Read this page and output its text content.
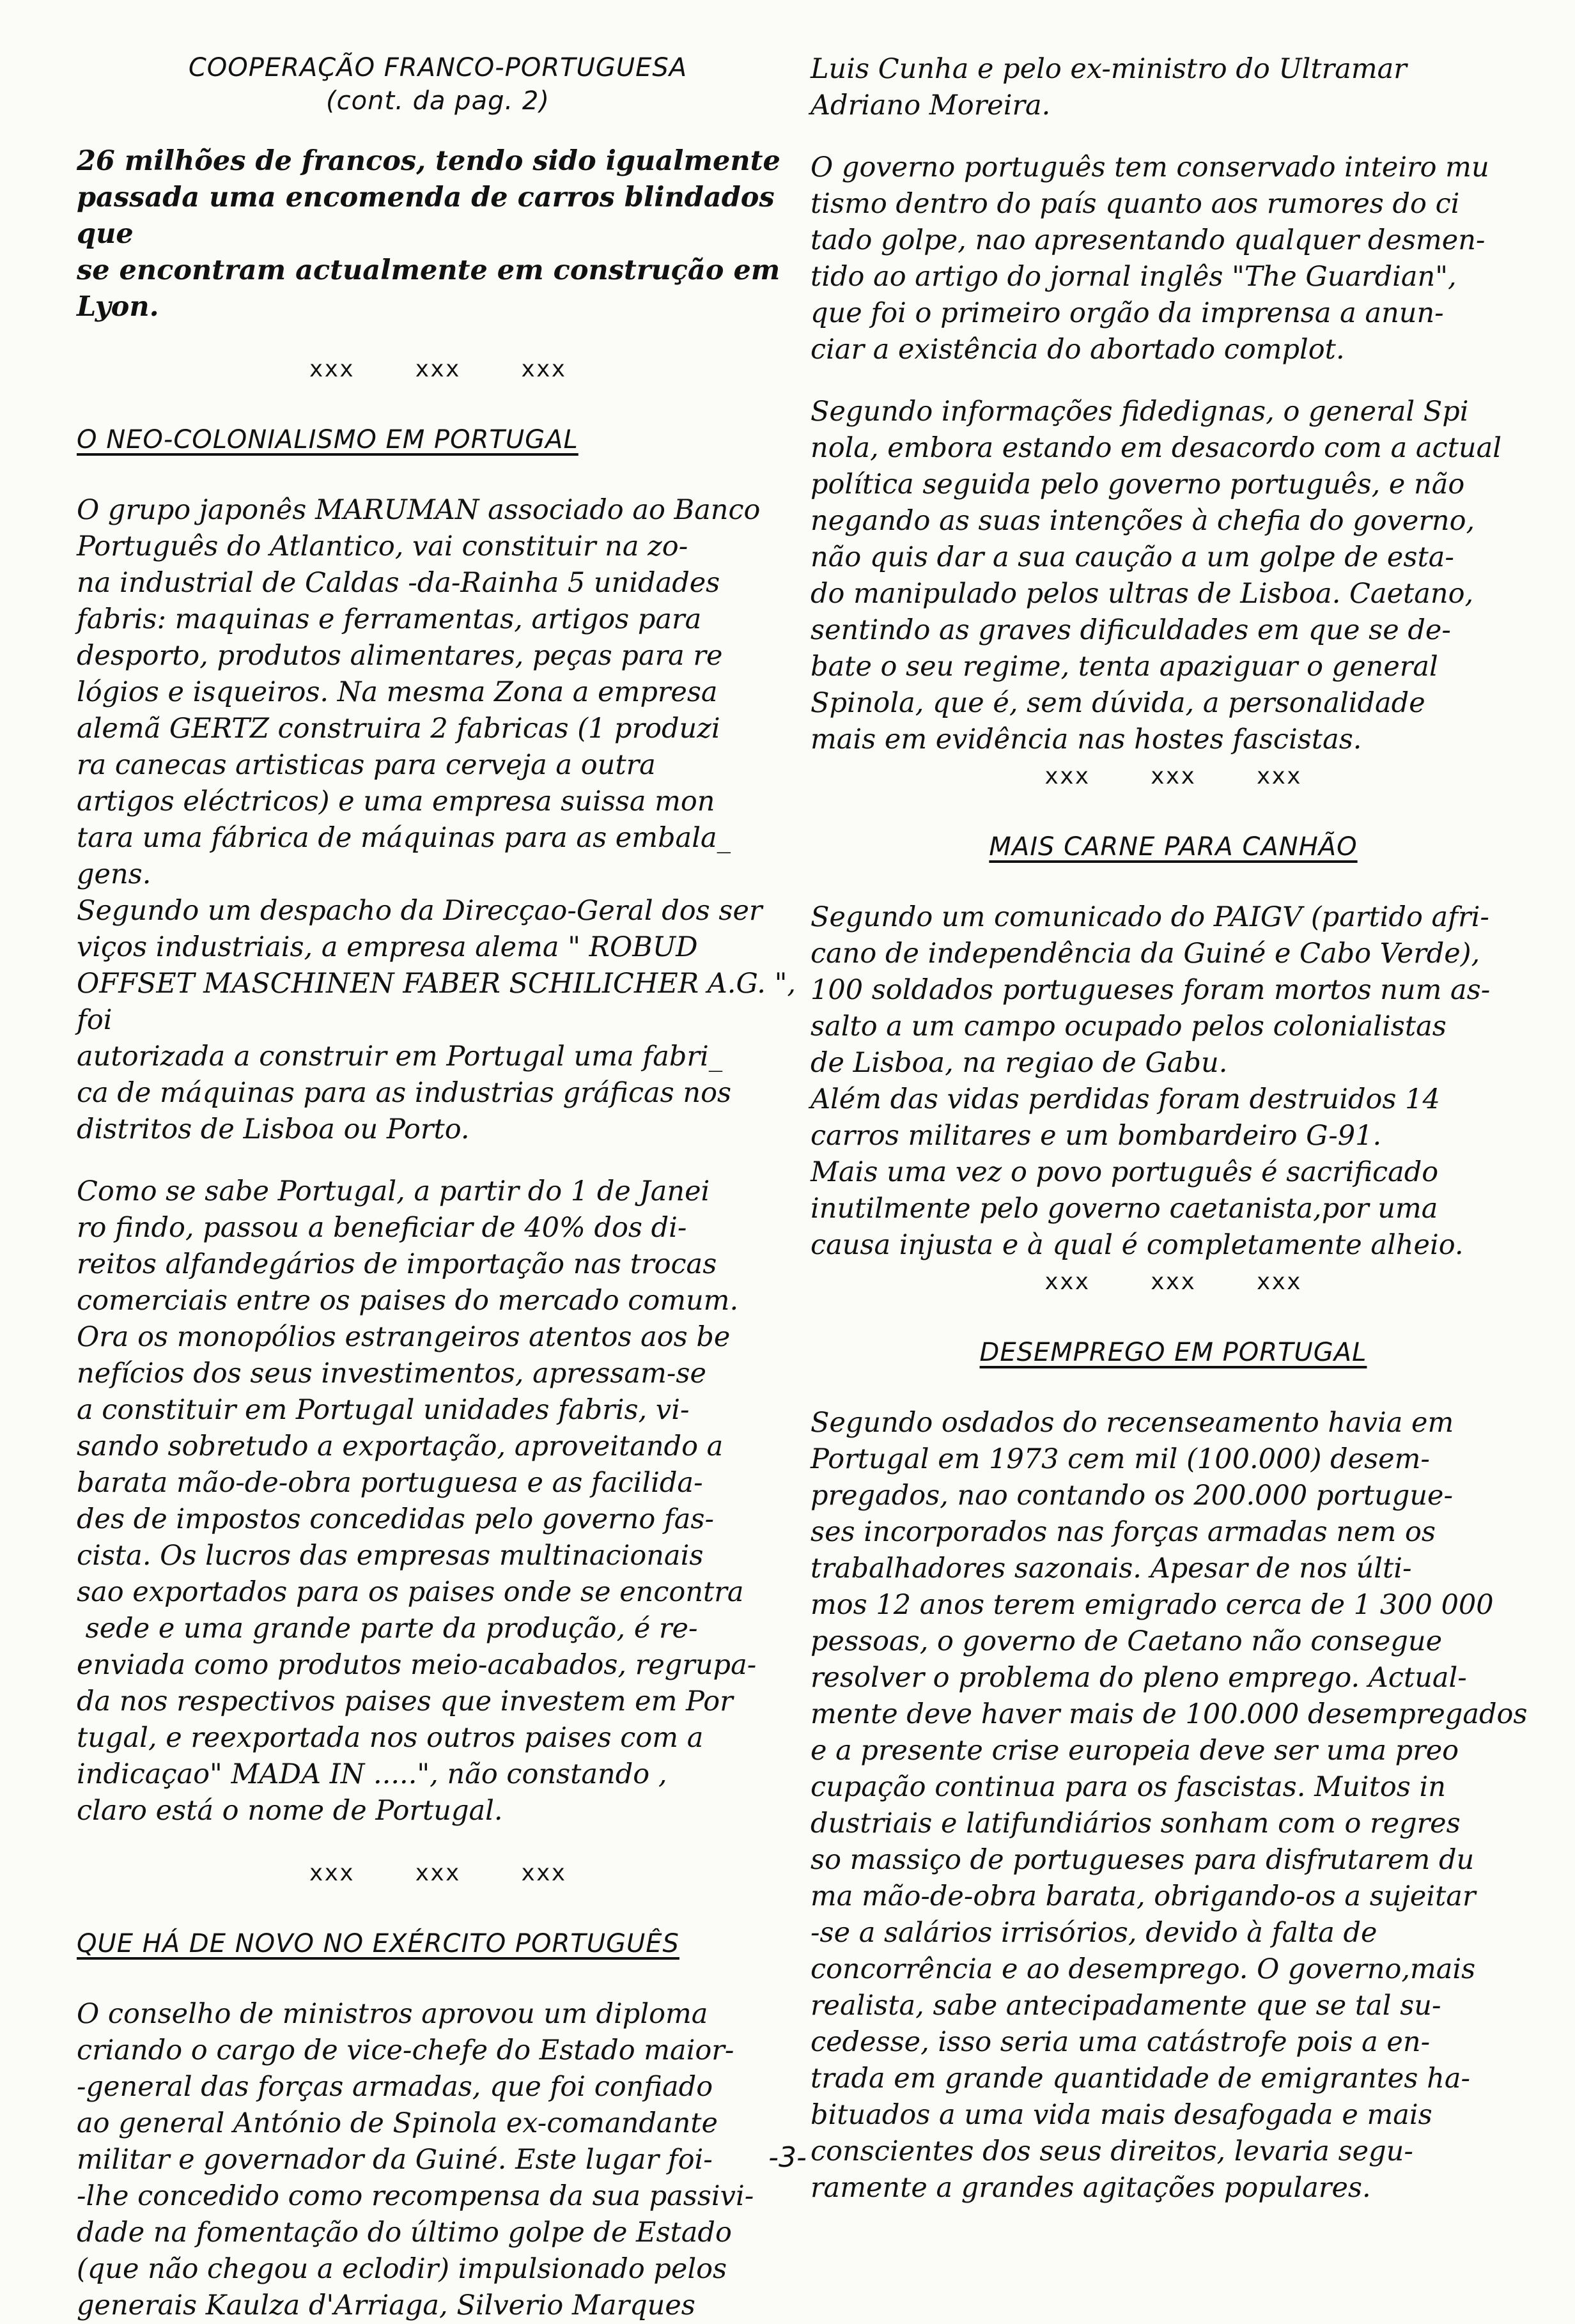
COOPERAÇÃO FRANCO-PORTUGUESA
(cont. da pag. 2)

26 milhões de francos, tendo sido igualmente
passada uma encomenda de carros blindados que
se encontram actualmente em construção em Lyon.

xxx    xxx    xxx
O NEO-COLONIALISMO EM PORTUGAL

O grupo japonês MARUMAN associado ao Banco
Português do Atlantico, vai constituir na zo-
na industrial de Caldas -da-Rainha 5 unidades
fabris: maquinas e ferramentas, artigos para
desporto, produtos alimentares, peças para re
lógios e isqueiros. Na mesma Zona a empresa
alemã GERTZ construira 2 fabricas (1 produzi
ra canecas artisticas para cerveja a outra
artigos eléctricos) e uma empresa suissa mon
tara uma fábrica de máquinas para as embala_
gens.

Segundo um despacho da Direcçao-Geral dos ser
viços industriais, a empresa alema " ROBUD
OFFSET MASCHINEN FABER SCHILICHER A.G. ", foi
autorizada a construir em Portugal uma fabri_
ca de máquinas para as industrias gráficas nos
distritos de Lisboa ou Porto.

Como se sabe Portugal, a partir do 1 de Janei
ro findo, passou a beneficiar de 40% dos di-
reitos alfandegários de importação nas trocas
comerciais entre os paises do mercado comum.
Ora os monopólios estrangeiros atentos aos be
nefícios dos seus investimentos, apressam-se
a constituir em Portugal unidades fabris, vi-
sando sobretudo a exportação, aproveitando a
barata mão-de-obra portuguesa e as facilida-
des de impostos concedidas pelo governo fas-
cista. Os lucros das empresas multinacionais
sao exportados para os paises onde se encontra
sede e uma grande parte da produção, é re-
enviada como produtos meio-acabados, regrupa-
da nos respectivos paises que investem em Por
tugal, e reexportada nos outros paises com a
indicaçao" MADA IN .....", não constando ,
claro está o nome de Portugal.

xxx    xxx    xxx
QUE HÁ DE NOVO NO EXÉRCITO PORTUGUÊS

O conselho de ministros aprovou um diploma
criando o cargo de vice-chefe do Estado maior-
-general das forças armadas, que foi confiado
ao general António de Spinola ex-comandante
militar e governador da Guiné. Este lugar foi-
-lhe concedido como recompensa da sua passivi-
dade na fomentação do último golpe de Estado
(que não chegou a eclodir) impulsionado pelos
generais Kaulza d'Arriaga, Silverio Marques

Luis Cunha e pelo ex-ministro do Ultramar
Adriano Moreira.

O governo português tem conservado inteiro mu
tismo dentro do país quanto aos rumores do ci
tado golpe, nao apresentando qualquer desmen-
tido ao artigo do jornal inglês "The Guardian",
que foi o primeiro orgão da imprensa a anun-
ciar a existência do abortado complot.

Segundo informações fidedignas, o general Spi
nola, embora estando em desacordo com a actual
política seguida pelo governo português, e não
negando as suas intenções à chefia do governo,
não quis dar a sua caução a um golpe de esta-
do manipulado pelos ultras de Lisboa. Caetano,
sentindo as graves dificuldades em que se de-
bate o seu regime, tenta apaziguar o general
Spinola, que é, sem dúvida, a personalidade
mais em evidência nas hostes fascistas.

xxx    xxx    xxx
MAIS CARNE PARA CANHÃO

Segundo um comunicado do PAIGV (partido afri-
cano de independência da Guiné e Cabo Verde),
100 soldados portugueses foram mortos num as-
salto a um campo ocupado pelos colonialistas
de Lisboa, na regiao de Gabu.
Além das vidas perdidas foram destruidos 14
carros militares e um bombardeiro G-91.
Mais uma vez o povo português é sacrificado
inutilmente pelo governo caetanista,por uma
causa injusta e à qual é completamente alheio.

xxx    xxx    xxx
DESEMPREGO EM PORTUGAL

Segundo osdados do recenseamento havia em
Portugal em 1973 cem mil (100.000) desem-
pregados, nao contando os 200.000 portugue-
ses incorporados nas forças armadas nem os
trabalhadores sazonais. Apesar de nos últi-
mos 12 anos terem emigrado cerca de 1 300 000
pessoas, o governo de Caetano não consegue
resolver o problema do pleno emprego. Actual-
mente deve haver mais de 100.000 desempregados
e a presente crise europeia deve ser uma preo
cupação continua para os fascistas. Muitos in
dustriais e latifundiários sonham com o regres
so massiço de portugueses para disfrutarem du
ma mão-de-obra barata, obrigando-os a sujeitar
-se a salários irrisórios, devido à falta de
concorrência e ao desemprego. O governo,mais
realista, sabe antecipadamente que se tal su-
cedesse, isso seria uma catástrofe pois a en-
trada em grande quantidade de emigrantes ha-
bituados a uma vida mais desafogada e mais
conscientes dos seus direitos, levaria segu-
ramente a grandes agitações populares.

-3-
